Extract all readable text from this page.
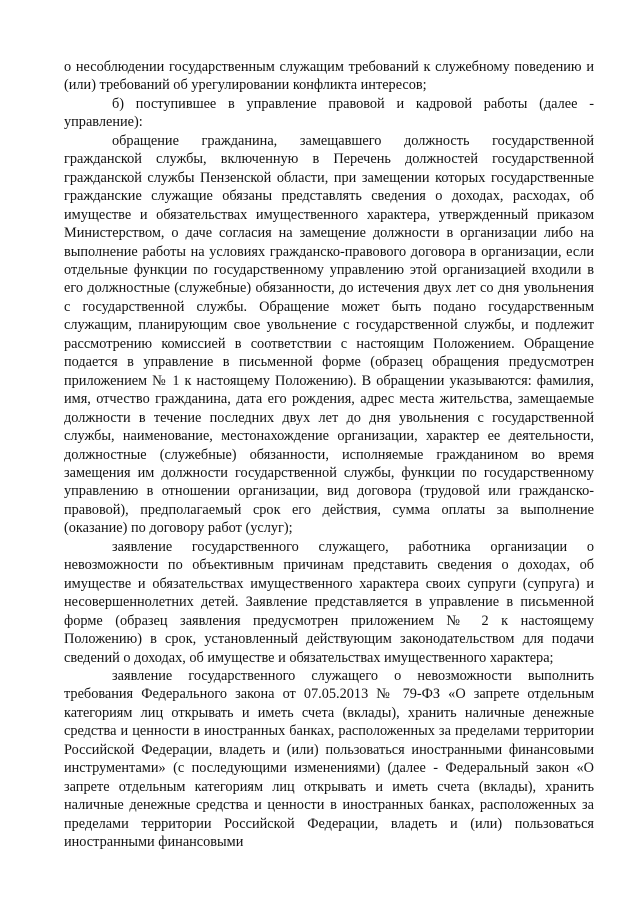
о несоблюдении государственным служащим требований к служебному поведению и (или) требований об урегулировании конфликта интересов;

б) поступившее в управление правовой и кадровой работы (далее - управление):

обращение гражданина, замещавшего должность государственной гражданской службы, включенную в Перечень должностей государственной гражданской службы Пензенской области, при замещении которых государственные гражданские служащие обязаны представлять сведения о доходах, расходах, об имуществе и обязательствах имущественного характера, утвержденный приказом Министерством, о даче согласия на замещение должности в организации либо на выполнение работы на условиях гражданско-правового договора в организации, если отдельные функции по государственному управлению этой организацией входили в его должностные (служебные) обязанности, до истечения двух лет со дня увольнения с государственной службы. Обращение может быть подано государственным служащим, планирующим свое увольнение с государственной службы, и подлежит рассмотрению комиссией в соответствии с настоящим Положением. Обращение подается в управление в письменной форме (образец обращения предусмотрен приложением № 1 к настоящему Положению). В обращении указываются: фамилия, имя, отчество гражданина, дата его рождения, адрес места жительства, замещаемые должности в течение последних двух лет до дня увольнения с государственной службы, наименование, местонахождение организации, характер ее деятельности, должностные (служебные) обязанности, исполняемые гражданином во время замещения им должности государственной службы, функции по государственному управлению в отношении организации, вид договора (трудовой или гражданско-правовой), предполагаемый срок его действия, сумма оплаты за выполнение (оказание) по договору работ (услуг);

заявление государственного служащего, работника организации о невозможности по объективным причинам представить сведения о доходах, об имуществе и обязательствах имущественного характера своих супруги (супруга) и несовершеннолетних детей. Заявление представляется в управление в письменной форме (образец заявления предусмотрен приложением № 2 к настоящему Положению) в срок, установленный действующим законодательством для подачи сведений о доходах, об имуществе и обязательствах имущественного характера;

заявление государственного служащего о невозможности выполнить требования Федерального закона от 07.05.2013 № 79-ФЗ «О запрете отдельным категориям лиц открывать и иметь счета (вклады), хранить наличные денежные средства и ценности в иностранных банках, расположенных за пределами территории Российской Федерации, владеть и (или) пользоваться иностранными финансовыми инструментами» (с последующими изменениями) (далее - Федеральный закон «О запрете отдельным категориям лиц открывать и иметь счета (вклады), хранить наличные денежные средства и ценности в иностранных банках, расположенных за пределами территории Российской Федерации, владеть и (или) пользоваться иностранными финансовыми
